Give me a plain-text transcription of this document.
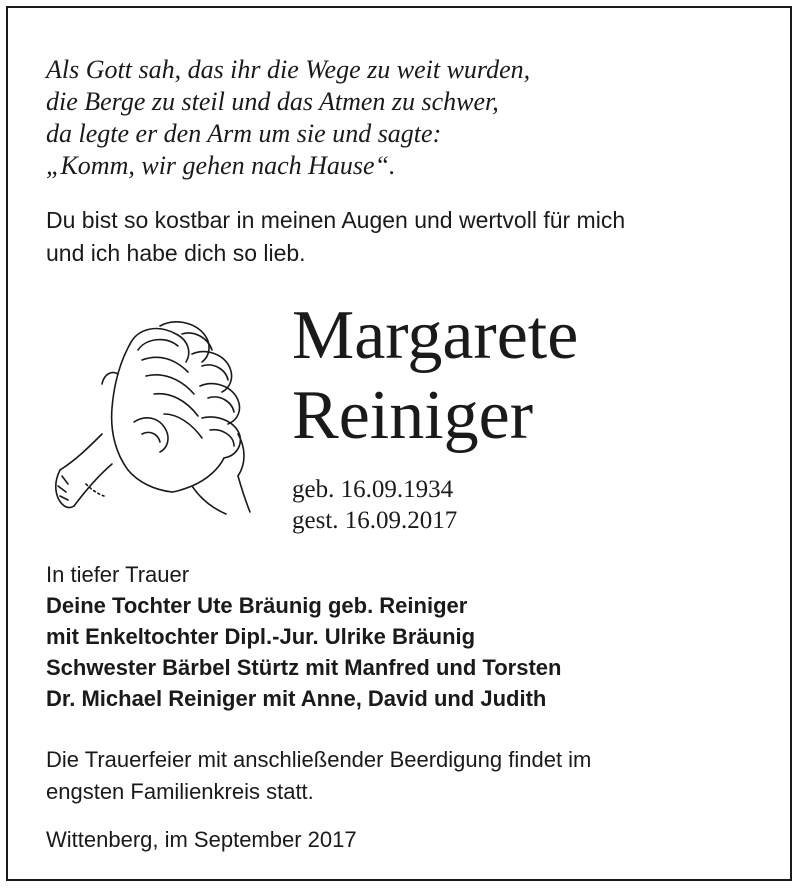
Als Gott sah, das ihr die Wege zu weit wurden,
die Berge zu steil und das Atmen zu schwer,
da legte er den Arm um sie und sagte:
„Komm, wir gehen nach Hause“.
Du bist so kostbar in meinen Augen und wertvoll für mich
und ich habe dich so lieb.
Margarete
Reiniger
geb. 16.09.1934
gest. 16.09.2017
In tiefer Trauer
Deine Tochter Ute Bräunig geb. Reiniger
mit Enkeltochter Dipl.-Jur. Ulrike Bräunig
Schwester Bärbel Stürtz mit Manfred und Torsten
Dr. Michael Reiniger mit Anne, David und Judith
Die Trauerfeier mit anschließender Beerdigung findet im
engsten Familienkreis statt.
Wittenberg, im September 2017
